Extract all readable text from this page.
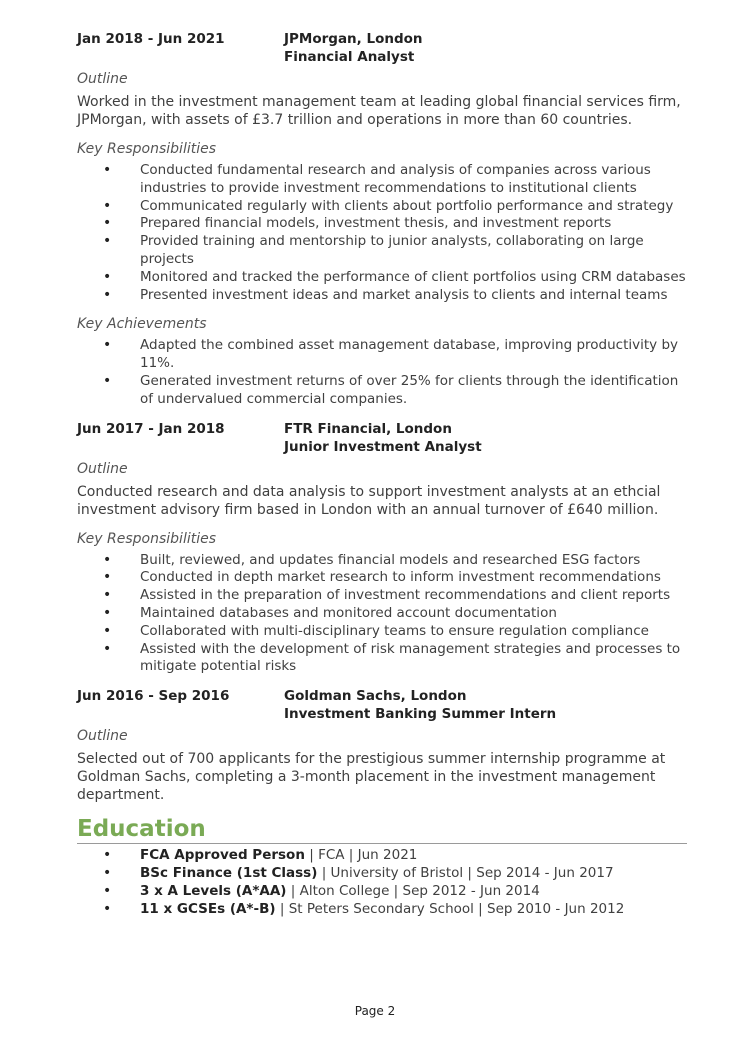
Jan 2018 - Jun 2021	JPMorgan, London
Financial Analyst
Outline

Worked in the investment management team at leading global financial services firm, JPMorgan, with assets of £3.7 trillion and operations in more than 60 countries.

Key Responsibilities
• Conducted fundamental research and analysis of companies across various industries to provide investment recommendations to institutional clients
• Communicated regularly with clients about portfolio performance and strategy
• Prepared financial models, investment thesis, and investment reports
• Provided training and mentorship to junior analysts, collaborating on large projects
• Monitored and tracked the performance of client portfolios using CRM databases
• Presented investment ideas and market analysis to clients and internal teams
Key Achievements
• Adapted the combined asset management database, improving productivity by 11%.
• Generated investment returns of over 25% for clients through the identification of undervalued commercial companies.
Jun 2017 - Jan 2018	FTR Financial, London
Junior Investment Analyst
Outline

Conducted research and data analysis to support investment analysts at an ethcial investment advisory firm based in London with an annual turnover of £640 million.

Key Responsibilities
• Built, reviewed, and updates financial models and researched ESG factors
• Conducted in depth market research to inform investment recommendations
• Assisted in the preparation of investment recommendations and client reports
• Maintained databases and monitored account documentation
• Collaborated with multi-disciplinary teams to ensure regulation compliance
• Assisted with the development of risk management strategies and processes to mitigate potential risks
Jun 2016 - Sep 2016	Goldman Sachs, London
Investment Banking Summer Intern
Outline

Selected out of 700 applicants for the prestigious summer internship programme at Goldman Sachs, completing a 3-month placement in the investment management department.

Education
• FCA Approved Person | FCA | Jun 2021
• BSc Finance (1st Class) | University of Bristol | Sep 2014 - Jun 2017
• 3 x A Levels (A*AA) | Alton College | Sep 2012 - Jun 2014
• 11 x GCSEs (A*-B) | St Peters Secondary School | Sep 2010 - Jun 2012
Page 2
